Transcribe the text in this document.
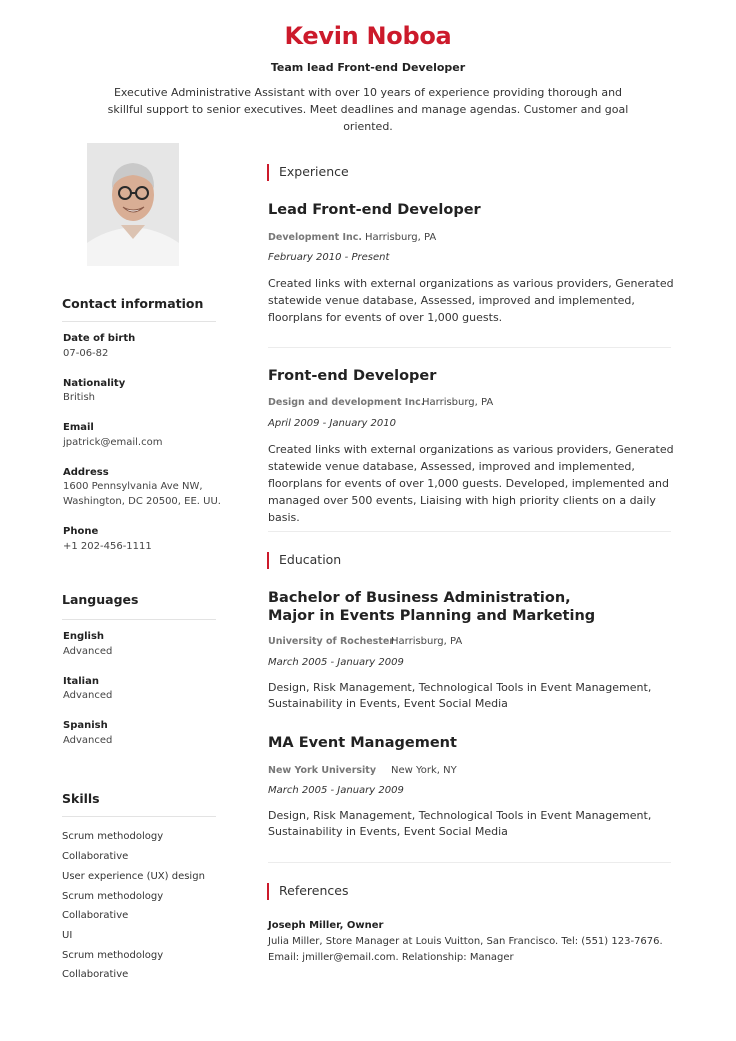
Kevin Noboa
Team lead Front-end Developer
Executive Administrative Assistant with over 10 years of experience providing thorough and skillful support to senior executives. Meet deadlines and manage agendas. Customer and goal oriented.
Contact information
Date of birth
07-06-82
Nationality
British
Email
jpatrick@email.com
Address
1600 Pennsylvania Ave NW,
Washington, DC 20500, EE. UU.
Phone
+1 202-456-1111
Languages
English
Advanced
Italian
Advanced
Spanish
Advanced
Skills
Scrum methodology
Collaborative
User experience (UX) design
Scrum methodology
Collaborative
UI
Scrum methodology
Collaborative
Experience
Lead Front-end Developer
Development Inc. Harrisburg, PA
February 2010 - Present
Created links with external organizations as various providers, Generated statewide venue database, Assessed, improved and implemented, floorplans for events of over 1,000 guests.
Front-end Developer
Design and development Inc.
Harrisburg, PA
April 2009 - January 2010
Created links with external organizations as various providers, Generated statewide venue database, Assessed, improved and implemented, floorplans for events of over 1,000 guests. Developed, implemented and managed over 500 events, Liaising with high priority clients on a daily basis.
Education
Bachelor of Business Administration,
Major in Events Planning and Marketing
University of Rochester
Harrisburg, PA
March 2005 - January 2009
Design, Risk Management, Technological Tools in Event Management, Sustainability in Events, Event Social Media
MA Event Management
New York University New York, NY
March 2005 - January 2009
Design, Risk Management, Technological Tools in Event Management, Sustainability in Events, Event Social Media
References
Joseph Miller, Owner
Julia Miller, Store Manager at Louis Vuitton, San Francisco. Tel: (551) 123-7676. Email: jmiller@email.com. Relationship: Manager
